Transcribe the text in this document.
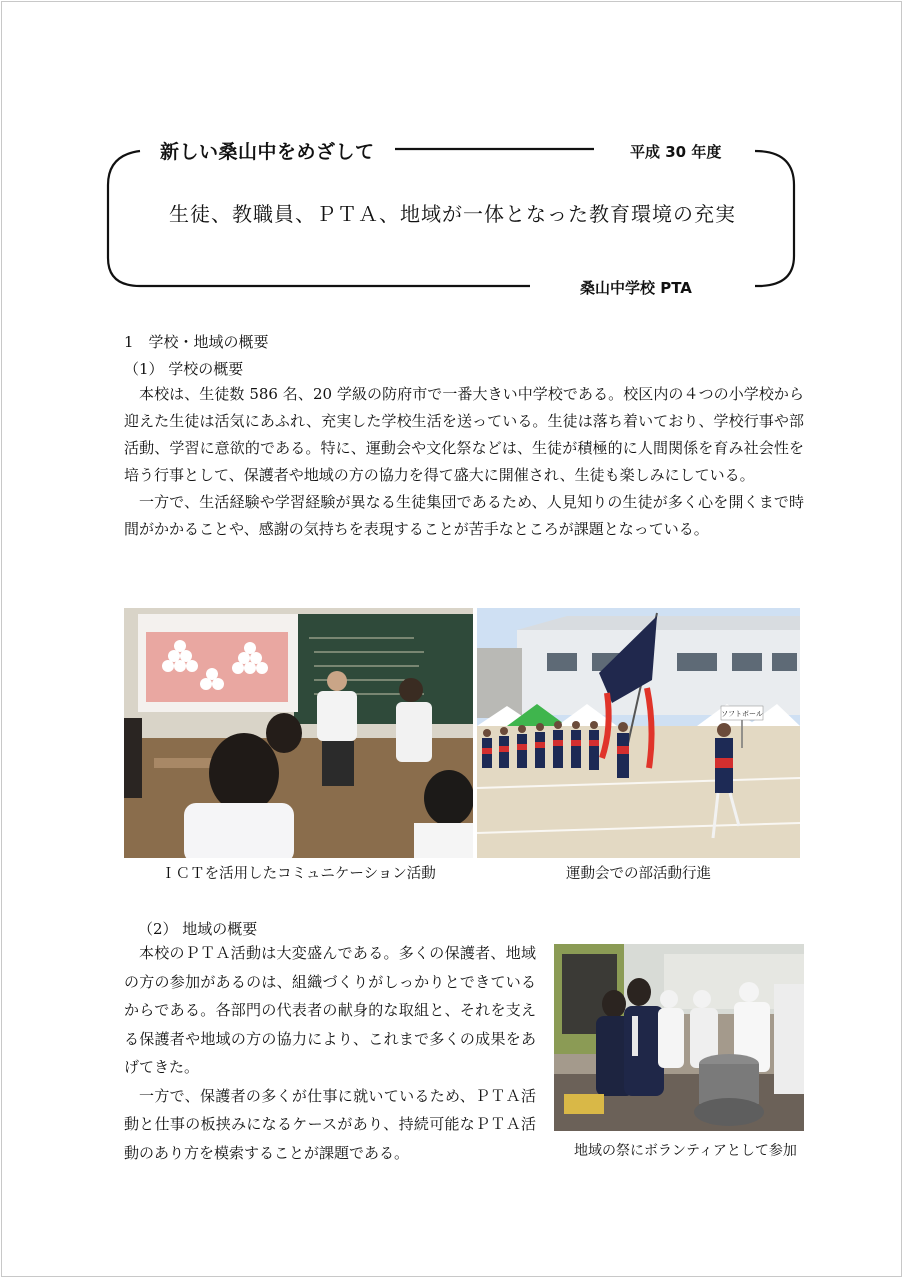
新しい桑山中をめざして	平成 30 年度
生徒、教職員、ＰＴＡ、地域が一体となった教育環境の充実
桑山中学校 PTA
1　学校・地域の概要
（1） 学校の概要

本校は、生徒数 586 名、20 学級の防府市で一番大きい中学校である。校区内の４つの小学校から迎えた生徒は活気にあふれ、充実した学校生活を送っている。生徒は落ち着いており、学校行事や部活動、学習に意欲的である。特に、運動会や文化祭などは、生徒が積極的に人間関係を育み社会性を培う行事として、保護者や地域の方の協力を得て盛大に開催され、生徒も楽しみにしている。

一方で、生活経験や学習経験が異なる生徒集団であるため、人見知りの生徒が多く心を開くまで時間がかかることや、感謝の気持ちを表現することが苦手なところが課題となっている。

ソフトボール
ＩＣＴを活用したコミュニケーション活動	運動会での部活動行進
（2） 地域の概要

本校のＰＴＡ活動は大変盛んである。多くの保護者、地域の方の参加があるのは、組織づくりがしっかりとできているからである。各部門の代表者の献身的な取組と、それを支える保護者や地域の方の協力により、これまで多くの成果をあげてきた。

一方で、保護者の多くが仕事に就いているため、ＰＴＡ活動と仕事の板挟みになるケースがあり、持続可能なＰＴＡ活動のあり方を模索することが課題である。	地域の祭にボランティアとして参加
